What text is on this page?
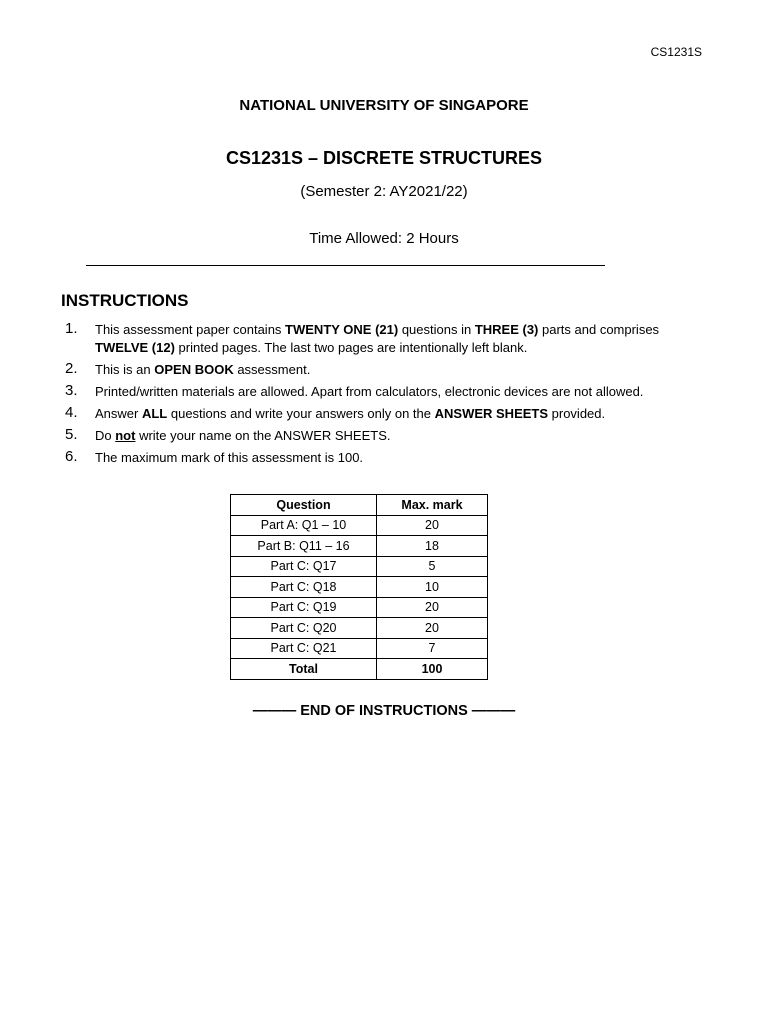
CS1231S
NATIONAL UNIVERSITY OF SINGAPORE
CS1231S – DISCRETE STRUCTURES
(Semester 2: AY2021/22)
Time Allowed: 2 Hours
INSTRUCTIONS
1. This assessment paper contains TWENTY ONE (21) questions in THREE (3) parts and comprises TWELVE (12) printed pages. The last two pages are intentionally left blank.
2. This is an OPEN BOOK assessment.
3. Printed/written materials are allowed. Apart from calculators, electronic devices are not allowed.
4. Answer ALL questions and write your answers only on the ANSWER SHEETS provided.
5. Do not write your name on the ANSWER SHEETS.
6. The maximum mark of this assessment is 100.
Question	Max. mark
Part A: Q1 – 10	20
Part B: Q11 – 16	18
Part C: Q17	5
Part C: Q18	10
Part C: Q19	20
Part C: Q20	20
Part C: Q21	7
Total	100
——— END OF INSTRUCTIONS ———
